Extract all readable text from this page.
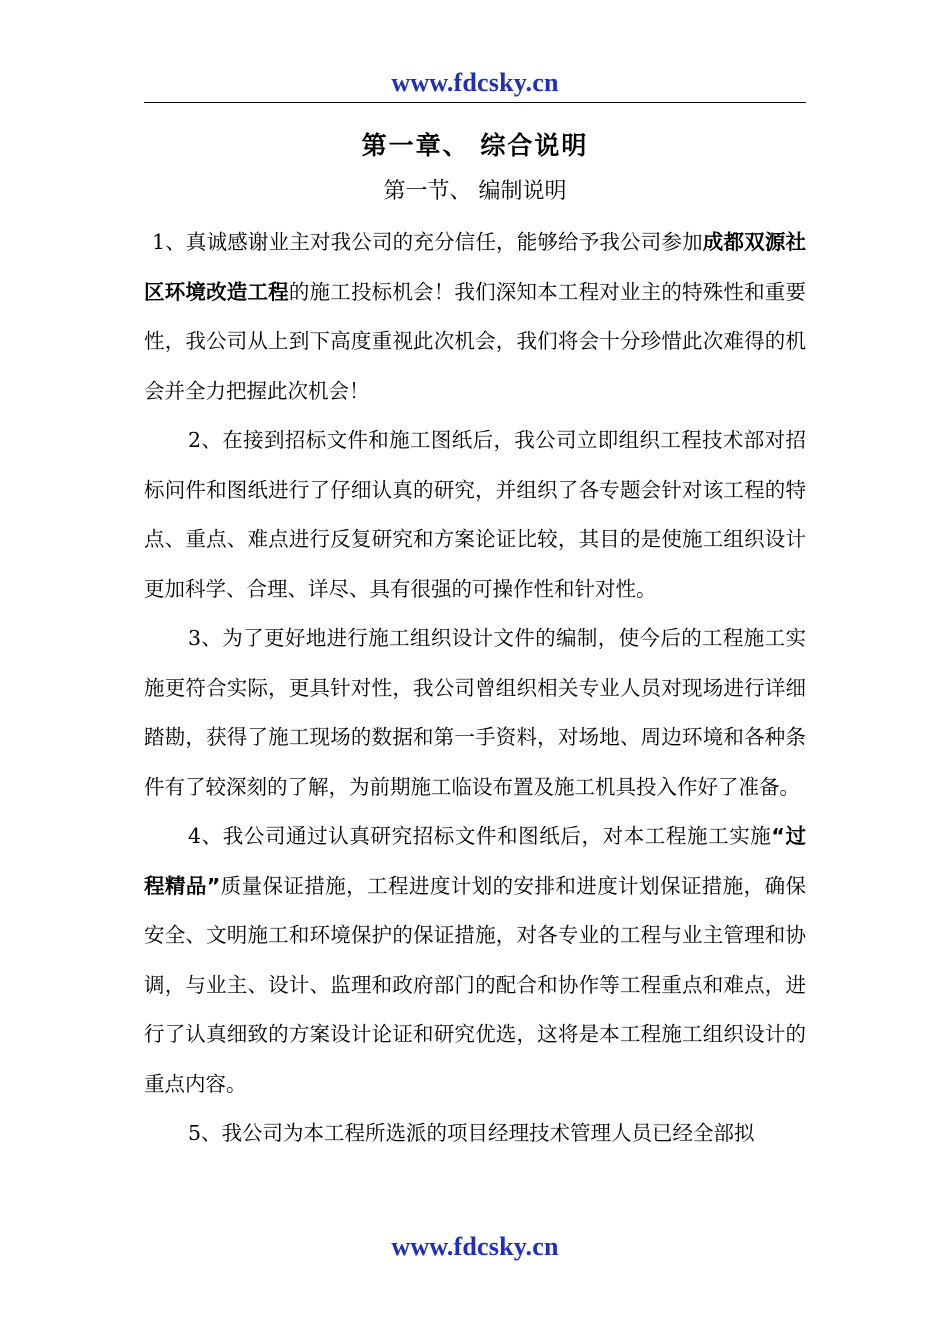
www.fdcsky.cn
第一章、 综合说明
第一节、 编制说明

1、真诚感谢业主对我公司的充分信任，能够给予我公司参加成都双源社区环境改造工程的施工投标机会！我们深知本工程对业主的特殊性和重要性，我公司从上到下高度重视此次机会，我们将会十分珍惜此次难得的机会并全力把握此次机会！

2、在接到招标文件和施工图纸后，我公司立即组织工程技术部对招标问件和图纸进行了仔细认真的研究，并组织了各专题会针对该工程的特点、重点、难点进行反复研究和方案论证比较，其目的是使施工组织设计更加科学、合理、详尽、具有很强的可操作性和针对性。

3、为了更好地进行施工组织设计文件的编制，使今后的工程施工实施更符合实际，更具针对性，我公司曾组织相关专业人员对现场进行详细踏勘，获得了施工现场的数据和第一手资料，对场地、周边环境和各种条件有了较深刻的了解，为前期施工临设布置及施工机具投入作好了准备。

4、我公司通过认真研究招标文件和图纸后，对本工程施工实施“过程精品”质量保证措施，工程进度计划的安排和进度计划保证措施，确保安全、文明施工和环境保护的保证措施，对各专业的工程与业主管理和协调，与业主、设计、监理和政府部门的配合和协作等工程重点和难点，进行了认真细致的方案设计论证和研究优选，这将是本工程施工组织设计的重点内容。

5、我公司为本工程所选派的项目经理技术管理人员已经全部拟

www.fdcsky.cn
